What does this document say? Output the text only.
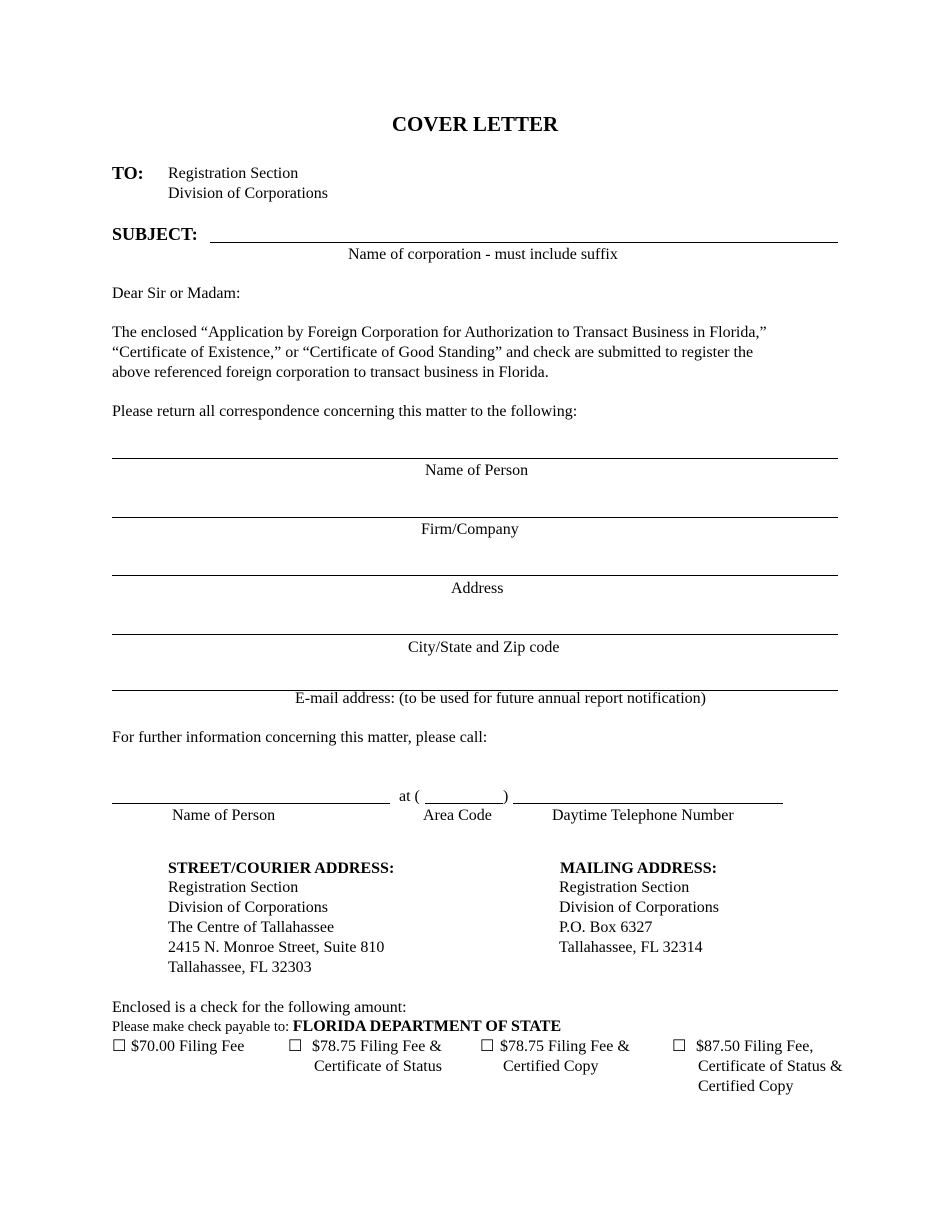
COVER LETTER
TO: Registration Section
Division of Corporations
SUBJECT:
Name of corporation - must include suffix
Dear Sir or Madam:
The enclosed “Application by Foreign Corporation for Authorization to Transact Business in Florida,”
“Certificate of Existence,” or “Certificate of Good Standing” and check are submitted to register the
above referenced foreign corporation to transact business in Florida.
Please return all correspondence concerning this matter to the following:
Name of Person
Firm/Company
Address
City/State and Zip code
E-mail address: (to be used for future annual report notification)
For further information concerning this matter, please call:
at (	)
Name of Person	Area Code	Daytime Telephone Number
STREET/COURIER ADDRESS:
Registration Section
Division of Corporations
The Centre of Tallahassee
2415 N. Monroe Street, Suite 810
Tallahassee, FL 32303
MAILING ADDRESS:
Registration Section
Division of Corporations
P.O. Box 6327
Tallahassee, FL 32314
Enclosed is a check for the following amount:
Please make check payable to: FLORIDA DEPARTMENT OF STATE
☐ $70.00 Filing Fee	☐ $78.75 Filing Fee &
Certificate of Status
☐ $78.75 Filing Fee &
Certified Copy
☐ $87.50 Filing Fee,
Certificate of Status &
Certified Copy
